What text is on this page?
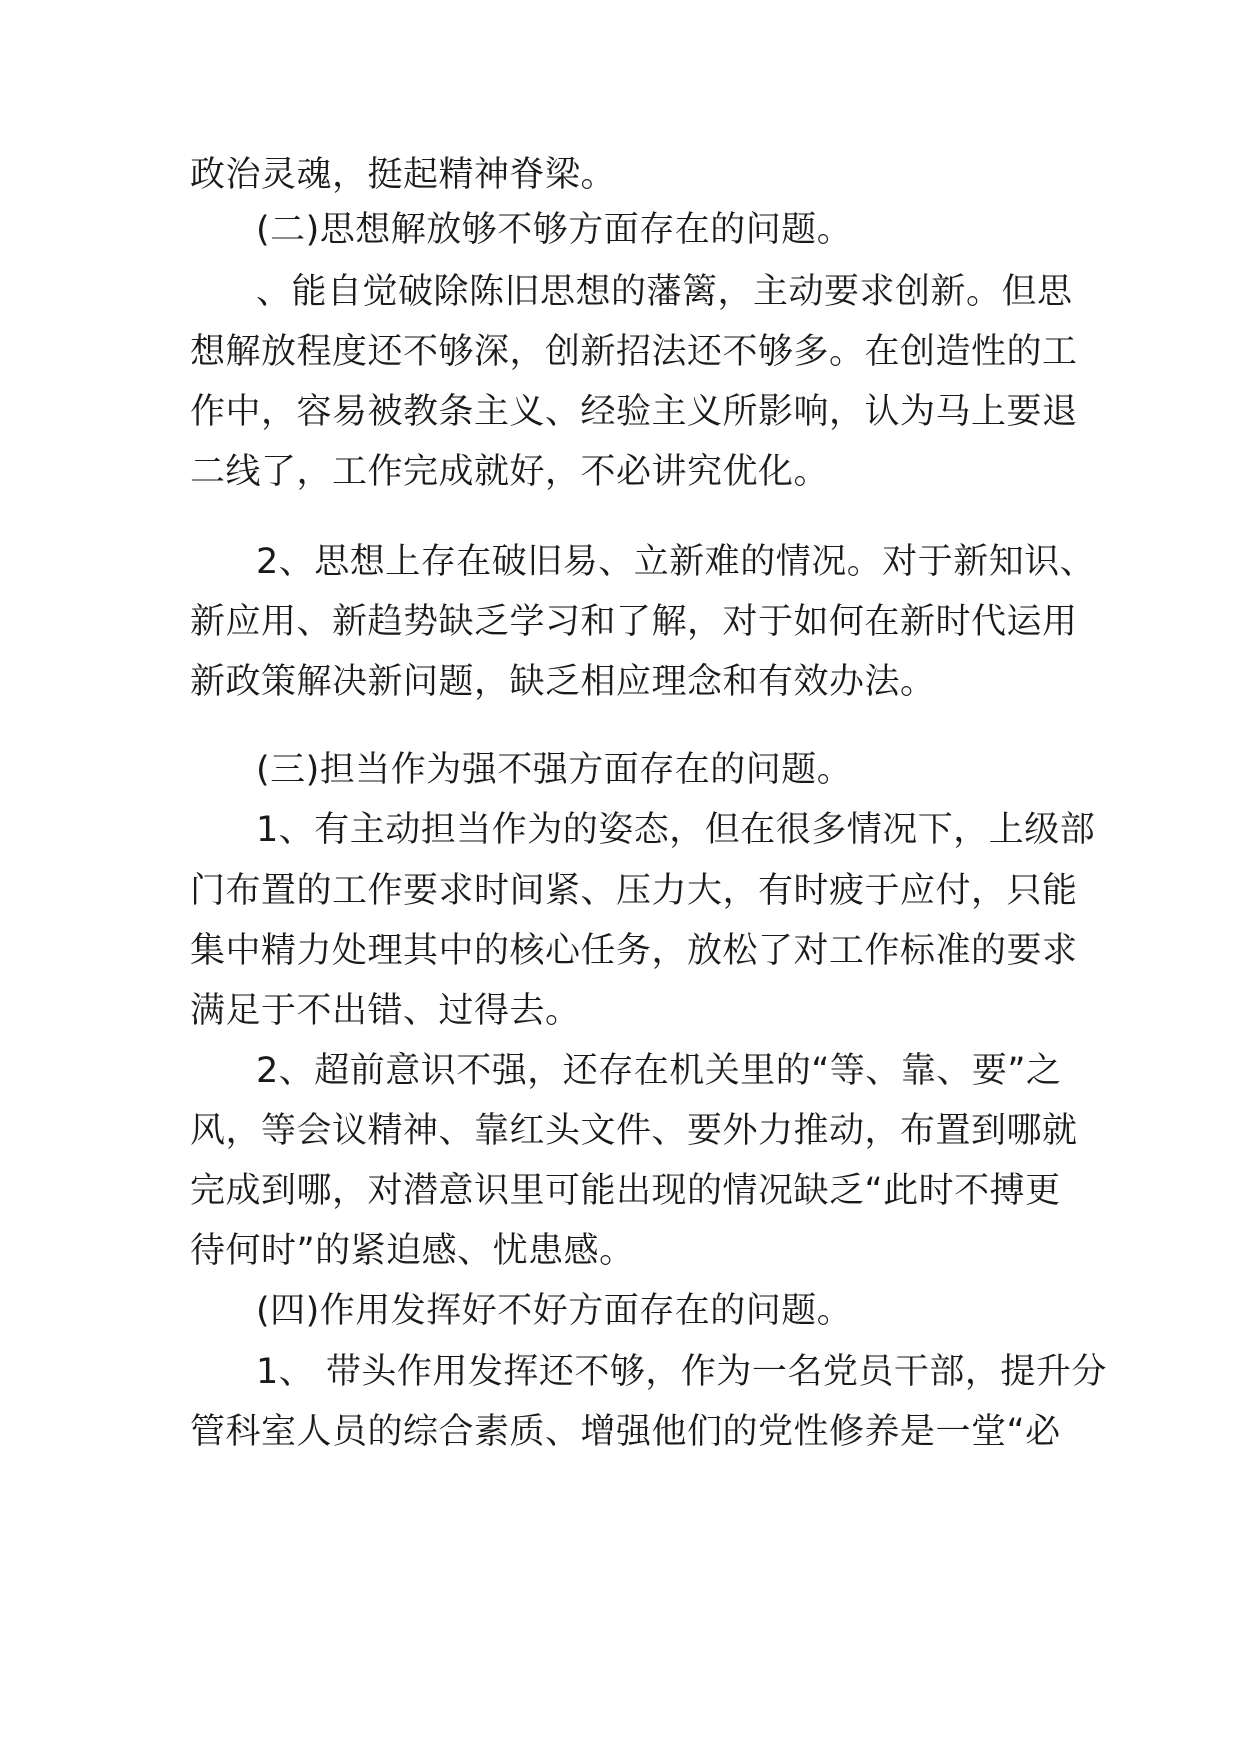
政治灵魂，挺起精神脊梁。
(二)思想解放够不够方面存在的问题。
、能自觉破除陈旧思想的藩篱，主动要求创新。但思
想解放程度还不够深，创新招法还不够多。在创造性的工
作中，容易被教条主义、经验主义所影响，认为马上要退
二线了，工作完成就好，不必讲究优化。
2、思想上存在破旧易、立新难的情况。对于新知识、
新应用、新趋势缺乏学习和了解，对于如何在新时代运用
新政策解决新问题，缺乏相应理念和有效办法。
(三)担当作为强不强方面存在的问题。
1、有主动担当作为的姿态，但在很多情况下，上级部
门布置的工作要求时间紧、压力大，有时疲于应付，只能
集中精力处理其中的核心任务，放松了对工作标准的要求
满足于不出错、过得去。
2、超前意识不强，还存在机关里的“等、靠、要”之
风，等会议精神、靠红头文件、要外力推动，布置到哪就
完成到哪，对潜意识里可能出现的情况缺乏“此时不搏更
待何时”的紧迫感、忧患感。
(四)作用发挥好不好方面存在的问题。
1、 带头作用发挥还不够，作为一名党员干部，提升分
管科室人员的综合素质、增强他们的党性修养是一堂“必
